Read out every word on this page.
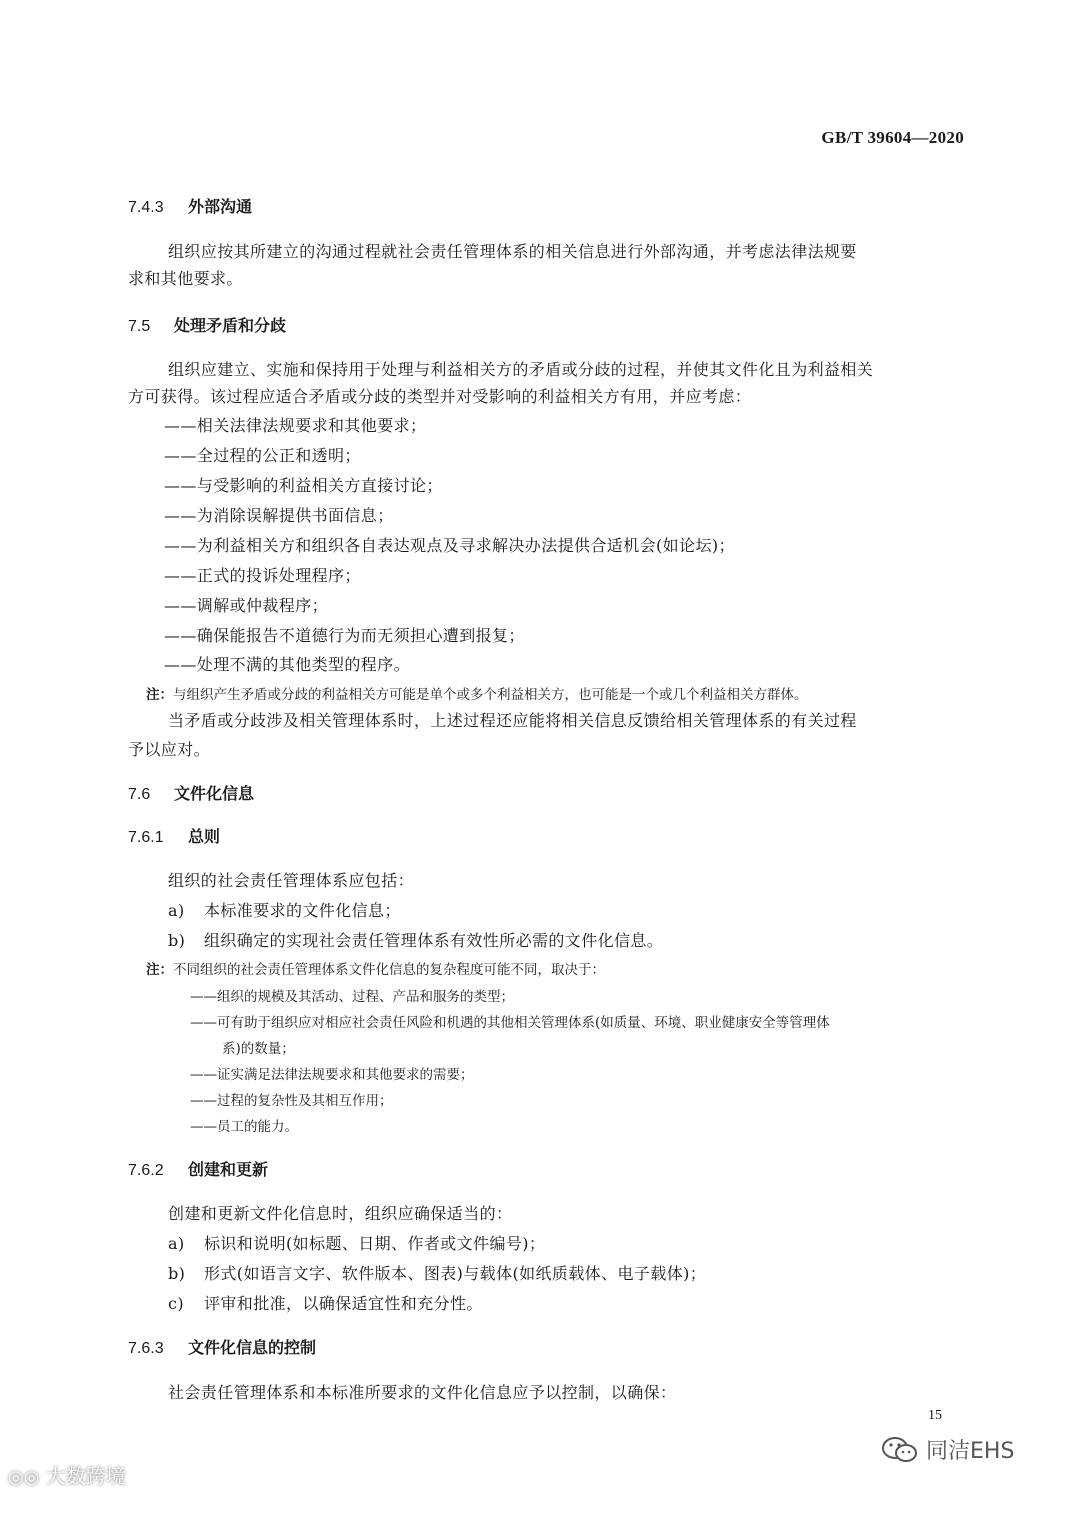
GB/T 39604—2020
7.4.3 外部沟通
组织应按其所建立的沟通过程就社会责任管理体系的相关信息进行外部沟通，并考虑法律法规要
求和其他要求。
7.5 处理矛盾和分歧
组织应建立、实施和保持用于处理与利益相关方的矛盾或分歧的过程，并使其文件化且为利益相关
方可获得。该过程应适合矛盾或分歧的类型并对受影响的利益相关方有用，并应考虑：
——相关法律法规要求和其他要求；
——全过程的公正和透明；
——与受影响的利益相关方直接讨论；
——为消除误解提供书面信息；
——为利益相关方和组织各自表达观点及寻求解决办法提供合适机会(如论坛)；
——正式的投诉处理程序；
——调解或仲裁程序；
——确保能报告不道德行为而无须担心遭到报复；
——处理不满的其他类型的程序。
注：与组织产生矛盾或分歧的利益相关方可能是单个或多个利益相关方，也可能是一个或几个利益相关方群体。
当矛盾或分歧涉及相关管理体系时，上述过程还应能将相关信息反馈给相关管理体系的有关过程
予以应对。
7.6 文件化信息
7.6.1 总则
组织的社会责任管理体系应包括：
a) 本标准要求的文件化信息；
b) 组织确定的实现社会责任管理体系有效性所必需的文件化信息。
注：不同组织的社会责任管理体系文件化信息的复杂程度可能不同，取决于：
——组织的规模及其活动、过程、产品和服务的类型；
——可有助于组织应对相应社会责任风险和机遇的其他相关管理体系(如质量、环境、职业健康安全等管理体
系)的数量；
——证实满足法律法规要求和其他要求的需要；
——过程的复杂性及其相互作用；
——员工的能力。
7.6.2 创建和更新
创建和更新文件化信息时，组织应确保适当的：
a) 标识和说明(如标题、日期、作者或文件编号)；
b) 形式(如语言文字、软件版本、图表)与载体(如纸质载体、电子载体)；
c) 评审和批准，以确保适宜性和充分性。
7.6.3 文件化信息的控制
社会责任管理体系和本标准所要求的文件化信息应予以控制，以确保：
15
◎◎ 大数跨境
同洁EHS
